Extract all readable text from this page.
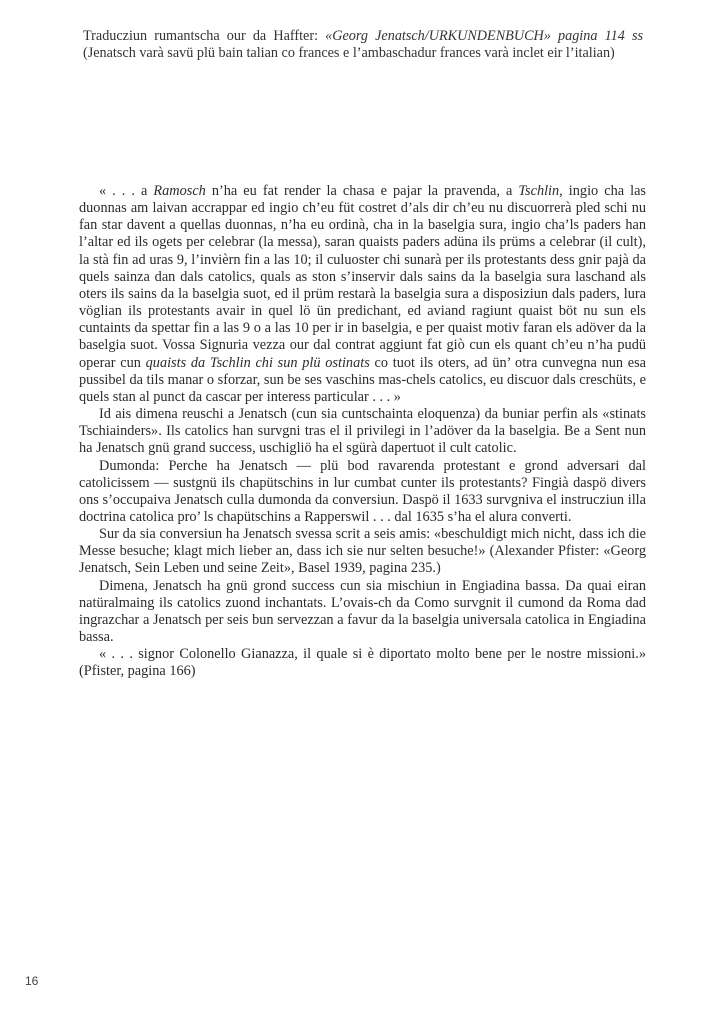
Traducziun rumantscha our da Haffter: «Georg Jenatsch/URKUNDENBUCH» pagina 114 ss (Jenatsch varà savü plü bain talian co frances e l’ambaschadur frances varà inclet eir l’italian)

« . . . a Ramosch n’ha eu fat render la chasa e pajar la pravenda, a Tschlin, ingio cha las duonnas am laivan accrappar ed ingio ch’eu füt costret d’als dir ch’eu nu discuorrerà pled schi nu fan star davent a quellas duonnas, n’ha eu ordinà, cha in la baselgia sura, ingio cha’ls paders han l’altar ed ils ogets per celebrar (la messa), saran quaists paders adüna ils prüms a celebrar (il cult), la stà fin ad uras 9, l’invièrn fin a las 10; il culuoster chi sunarà per ils protestants dess gnir pajà da quels sainza dan dals catolics, quals as ston s’inservir dals sains da la baselgia sura laschand als oters ils sains da la baselgia suot, ed il prüm restarà la baselgia sura a disposiziun dals paders, lura vöglian ils protestants avair in quel lö ün predichant, ed aviand ragiunt quaist böt nu sun els cuntaints da spettar fin a las 9 o a las 10 per ir in baselgia, e per quaist motiv faran els adöver da la baselgia suot. Vossa Signuria vezza our dal contrat aggiunt fat giò cun els quant ch’eu n’ha pudü operar cun quaists da Tschlin chi sun plü ostinats co tuot ils oters, ad ün’ otra cunvegna nun esa pussibel da tils manar o sforzar, sun be ses vaschins mas-chels catolics, eu discuor dals creschüts, e quels stan al punct da cascar per interess particular . . . »

Id ais dimena reuschi a Jenatsch (cun sia cuntschainta eloquenza) da buniar perfin als «stinats Tschiainders». Ils catolics han survgni tras el il privilegi in l’adöver da la baselgia. Be a Sent nun ha Jenatsch gnü grand success, uschigliö ha el sgürà dapertuot il cult catolic.

Dumonda: Perche ha Jenatsch — plü bod ravarenda protestant e grond adversari dal catolicissem — sustgnü ils chapütschins in lur cumbat cunter ils protestants? Fingià daspö divers ons s’occupaiva Jenatsch culla dumonda da conversiun. Daspö il 1633 survgniva el instrucziun illa doctrina catolica pro’ ls chapütschins a Rapperswil . . . dal 1635 s’ha el alura converti.

Sur da sia conversiun ha Jenatsch svessa scrit a seis amis: «beschuldigt mich nicht, dass ich die Messe besuche; klagt mich lieber an, dass ich sie nur selten besuche!» (Alexander Pfister: «Georg Jenatsch, Sein Leben und seine Zeit», Basel 1939, pagina 235.)

Dimena, Jenatsch ha gnü grond success cun sia mischiun in Engiadina bassa. Da quai eiran natüralmaing ils catolics zuond inchantats. L’ovais-ch da Como survgnit il cumond da Roma dad ingrazchar a Jenatsch per seis bun servezzan a favur da la baselgia universala catolica in Engiadina bassa.

« . . . signor Colonello Gianazza, il quale si è diportato molto bene per le nostre missioni.» (Pfister, pagina 166)

16
